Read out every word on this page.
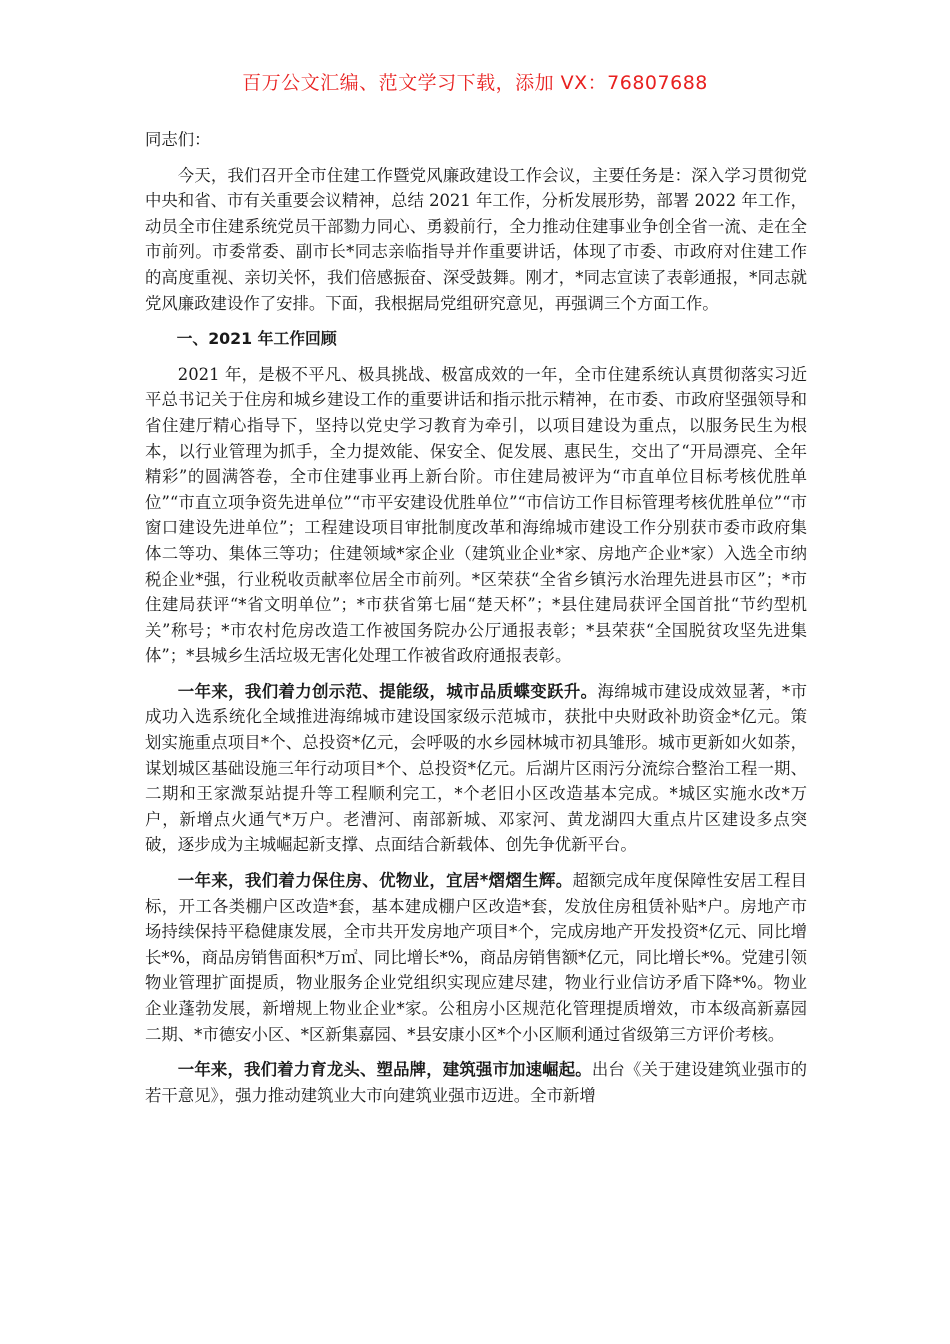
百万公文汇编、范文学习下载，添加 VX：76807688

同志们：

今天，我们召开全市住建工作暨党风廉政建设工作会议，主要任务是：深入学习贯彻党中央和省、市有关重要会议精神，总结 2021 年工作，分析发展形势，部署 2022 年工作，动员全市住建系统党员干部勠力同心、勇毅前行，全力推动住建事业争创全省一流、走在全市前列。市委常委、副市长*同志亲临指导并作重要讲话，体现了市委、市政府对住建工作的高度重视、亲切关怀，我们倍感振奋、深受鼓舞。刚才，*同志宣读了表彰通报，*同志就党风廉政建设作了安排。下面，我根据局党组研究意见，再强调三个方面工作。

一、2021 年工作回顾

2021 年，是极不平凡、极具挑战、极富成效的一年，全市住建系统认真贯彻落实习近平总书记关于住房和城乡建设工作的重要讲话和指示批示精神，在市委、市政府坚强领导和省住建厅精心指导下，坚持以党史学习教育为牵引，以项目建设为重点，以服务民生为根本，以行业管理为抓手，全力提效能、保安全、促发展、惠民生，交出了“开局漂亮、全年精彩”的圆满答卷，全市住建事业再上新台阶。市住建局被评为“市直单位目标考核优胜单位”“市直立项争资先进单位”“市平安建设优胜单位”“市信访工作目标管理考核优胜单位”“市窗口建设先进单位”；工程建设项目审批制度改革和海绵城市建设工作分别获市委市政府集体二等功、集体三等功；住建领域*家企业（建筑业企业*家、房地产企业*家）入选全市纳税企业*强，行业税收贡献率位居全市前列。*区荣获“全省乡镇污水治理先进县市区”；*市住建局获评“*省文明单位”；*市获省第七届“楚天杯”；*县住建局获评全国首批“节约型机关”称号；*市农村危房改造工作被国务院办公厅通报表彰；*县荣获“全国脱贫攻坚先进集体”；*县城乡生活垃圾无害化处理工作被省政府通报表彰。

一年来，我们着力创示范、提能级，城市品质蝶变跃升。海绵城市建设成效显著，*市成功入选系统化全域推进海绵城市建设国家级示范城市，获批中央财政补助资金*亿元。策划实施重点项目*个、总投资*亿元，会呼吸的水乡园林城市初具雏形。城市更新如火如荼，谋划城区基础设施三年行动项目*个、总投资*亿元。后湖片区雨污分流综合整治工程一期、二期和王家溦泵站提升等工程顺利完工，*个老旧小区改造基本完成。*城区实施水改*万户，新增点火通气*万户。老漕河、南部新城、邓家河、黄龙湖四大重点片区建设多点突破，逐步成为主城崛起新支撑、点面结合新载体、创先争优新平台。

一年来，我们着力保住房、优物业，宜居*熠熠生辉。超额完成年度保障性安居工程目标，开工各类棚户区改造*套，基本建成棚户区改造*套，发放住房租赁补贴*户。房地产市场持续保持平稳健康发展，全市共开发房地产项目*个，完成房地产开发投资*亿元、同比增长*%，商品房销售面积*万㎡、同比增长*%，商品房销售额*亿元，同比增长*%。党建引领物业管理扩面提质，物业服务企业党组织实现应建尽建，物业行业信访矛盾下降*%。物业企业蓬勃发展，新增规上物业企业*家。公租房小区规范化管理提质增效，市本级高新嘉园二期、*市德安小区、*区新集嘉园、*县安康小区*个小区顺利通过省级第三方评价考核。

一年来，我们着力育龙头、塑品牌，建筑强市加速崛起。出台《关于建设建筑业强市的若干意见》，强力推动建筑业大市向建筑业强市迈进。全市新增
